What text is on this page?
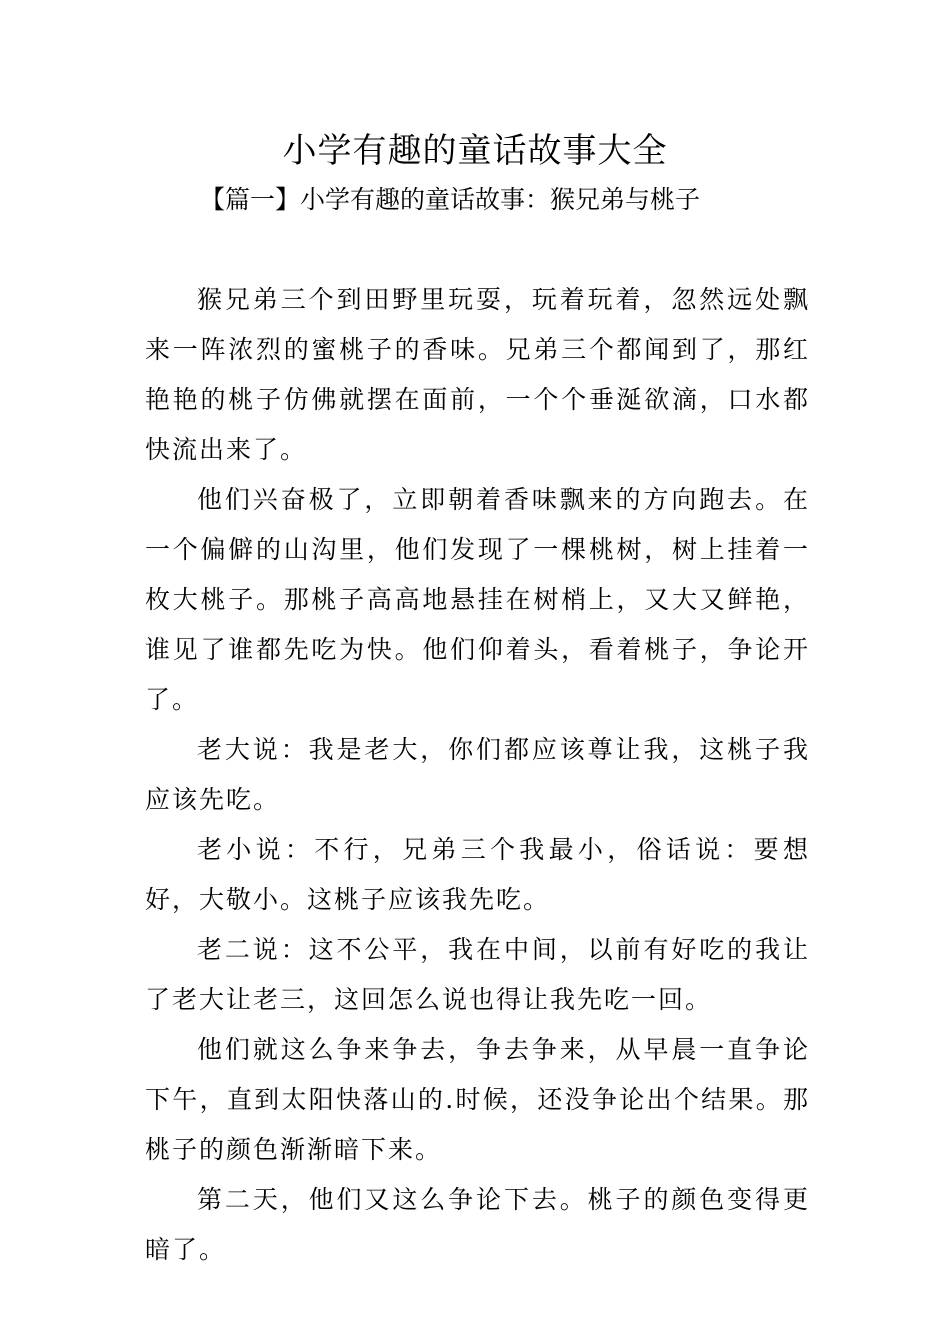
小学有趣的童话故事大全
【篇一】小学有趣的童话故事：猴兄弟与桃子

猴兄弟三个到田野里玩耍，玩着玩着，忽然远处飘来一阵浓烈的蜜桃子的香味。兄弟三个都闻到了，那红艳艳的桃子仿佛就摆在面前，一个个垂涎欲滴，口水都快流出来了。

他们兴奋极了，立即朝着香味飘来的方向跑去。在一个偏僻的山沟里，他们发现了一棵桃树，树上挂着一枚大桃子。那桃子高高地悬挂在树梢上，又大又鲜艳，谁见了谁都先吃为快。他们仰着头，看着桃子，争论开了。

老大说：我是老大，你们都应该尊让我，这桃子我应该先吃。

老小说：不行，兄弟三个我最小，俗话说：要想好，大敬小。这桃子应该我先吃。

老二说：这不公平，我在中间，以前有好吃的我让了老大让老三，这回怎么说也得让我先吃一回。

他们就这么争来争去，争去争来，从早晨一直争论下午，直到太阳快落山的.时候，还没争论出个结果。那桃子的颜色渐渐暗下来。

第二天，他们又这么争论下去。桃子的颜色变得更暗了。
